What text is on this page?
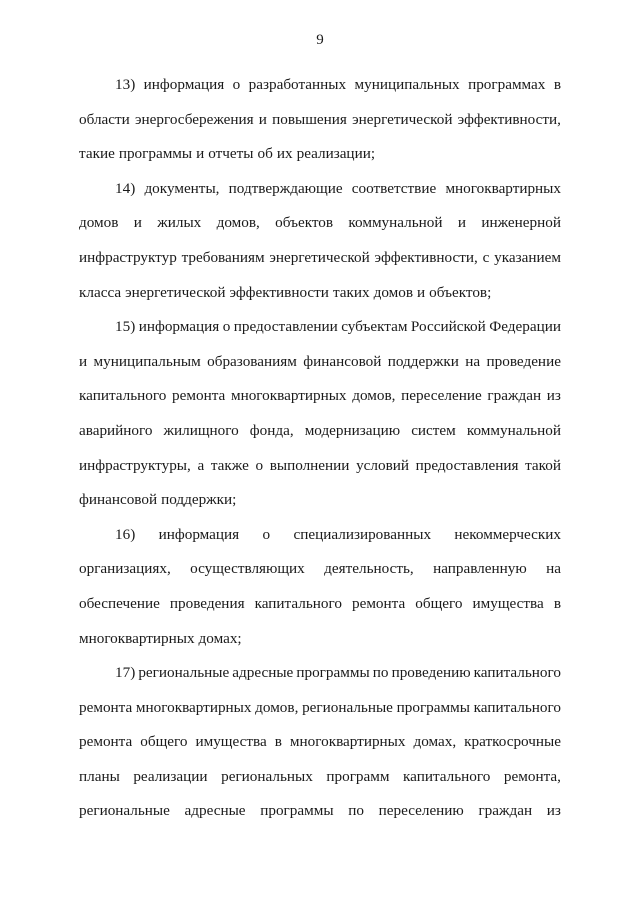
9
13) информация о разработанных муниципальных программах в
области энергосбережения и повышения энергетической эффективности,
такие программы и отчеты об их реализации;
14) документы, подтверждающие соответствие многоквартирных
домов и жилых домов, объектов коммунальной и инженерной
инфраструктур требованиям энергетической эффективности, с указанием
класса энергетической эффективности таких домов и объектов;
15) информация о предоставлении субъектам Российской Федерации
и муниципальным образованиям финансовой поддержки на проведение
капитального ремонта многоквартирных домов, переселение граждан из
аварийного жилищного фонда, модернизацию систем коммунальной
инфраструктуры, а также о выполнении условий предоставления такой
финансовой поддержки;
16) информация о специализированных некоммерческих
организациях, осуществляющих деятельность, направленную на
обеспечение проведения капитального ремонта общего имущества в
многоквартирных домах;
17) региональные адресные программы по проведению капитального
ремонта многоквартирных домов, региональные программы капитального
ремонта общего имущества в многоквартирных домах, краткосрочные
планы реализации региональных программ капитального ремонта,
региональные адресные программы по переселению граждан из
